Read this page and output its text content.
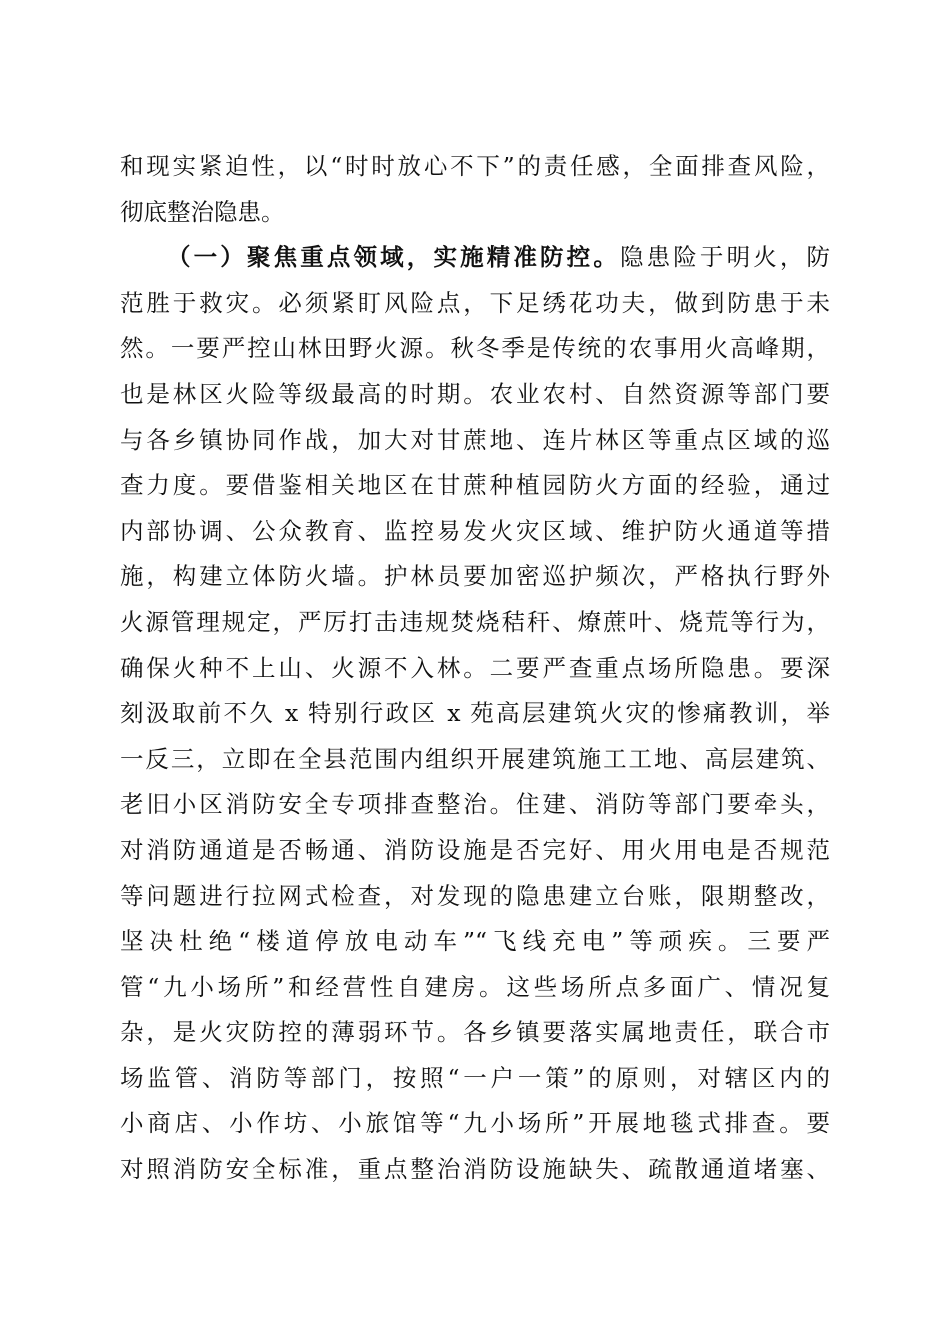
和现实紧迫性，以“时时放心不下”的责任感，全面排查风险，
彻底整治隐患。
（一）聚焦重点领域，实施精准防控。隐患险于明火，防
范胜于救灾。必须紧盯风险点，下足绣花功夫，做到防患于未
然。一要严控山林田野火源。秋冬季是传统的农事用火高峰期，
也是林区火险等级最高的时期。农业农村、自然资源等部门要
与各乡镇协同作战，加大对甘蔗地、连片林区等重点区域的巡
查力度。要借鉴相关地区在甘蔗种植园防火方面的经验，通过
内部协调、公众教育、监控易发火灾区域、维护防火通道等措
施，构建立体防火墙。护林员要加密巡护频次，严格执行野外
火源管理规定，严厉打击违规焚烧秸秆、燎蔗叶、烧荒等行为，
确保火种不上山、火源不入林。二要严查重点场所隐患。要深
刻汲取前不久 x 特别行政区 x 苑高层建筑火灾的惨痛教训，举
一反三，立即在全县范围内组织开展建筑施工工地、高层建筑、
老旧小区消防安全专项排查整治。住建、消防等部门要牵头，
对消防通道是否畅通、消防设施是否完好、用火用电是否规范
等问题进行拉网式检查，对发现的隐患建立台账，限期整改，
坚决杜绝“楼道停放电动车”“飞线充电”等顽疾。三要严
管“九小场所”和经营性自建房。这些场所点多面广、情况复
杂，是火灾防控的薄弱环节。各乡镇要落实属地责任，联合市
场监管、消防等部门，按照“一户一策”的原则，对辖区内的
小商店、小作坊、小旅馆等“九小场所”开展地毯式排查。要
对照消防安全标准，重点整治消防设施缺失、疏散通道堵塞、
